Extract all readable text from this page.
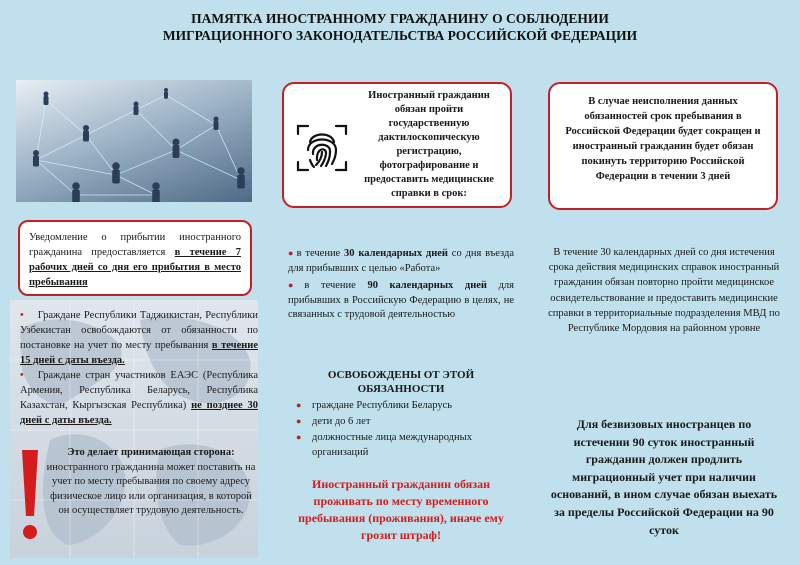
ПАМЯТКА ИНОСТРАННОМУ ГРАЖДАНИНУ О СОБЛЮДЕНИИ
МИГРАЦИОННОГО ЗАКОНОДАТЕЛЬСТВА РОССИЙСКОЙ ФЕДЕРАЦИИ
Иностранный гражданин обязан пройти государственную дактилоскопическую регистрацию, фотографирование и предоставить медицинские справки в срок:
В случае неисполнения данных обязанностей срок пребывания в Российской Федерации будет сокращен и иностранный гражданин будет обязан покинуть территорию Российской Федерации в течении 3 дней
Уведомление о прибытии иностранного гражданина предоставляется в течение 7 рабочих дней со дня его прибытия в место пребывания

• Граждане Республики Таджикистан, Республики Узбекистан освобождаются от обязанности по постановке на учет по месту пребывания в течение 15 дней с даты въезда.

• Граждане стран участников ЕАЭС (Республика Армения, Республика Беларусь, Республика Казахстан, Кыргызская Республика) не позднее 30 дней с даты въезда.

Это делает принимающая сторона:
иностранного гражданина может поставить на учет по месту пребывания по своему адресу физическое лицо или организация, в которой он осуществляет трудовую деятельность.

● в течение 30 календарных дней со дня въезда для прибывших с целью «Работа»

● в течение 90 календарных дней для прибывших в Российскую Федерацию в целях, не связанных с трудовой деятельностью

ОСВОБОЖДЕНЫ ОТ ЭТОЙ ОБЯЗАННОСТИ
● граждане Республики Беларусь
● дети до 6 лет
● должностные лица международных организаций
Иностранный гражданин обязан проживать по месту временного пребывания (проживания), иначе ему грозит штраф!
В течение 30 календарных дней со дня истечения срока действия медицинских справок иностранный гражданин обязан повторно пройти медицинское освидетельствование и предоставить медицинские справки в территориальные подразделения МВД по Республике Мордовия на районном уровне
Для безвизовых иностранцев по истечении 90 суток иностранный гражданин должен продлить миграционный учет при наличии оснований, в ином случае обязан выехать за пределы Российской Федерации на 90 суток
